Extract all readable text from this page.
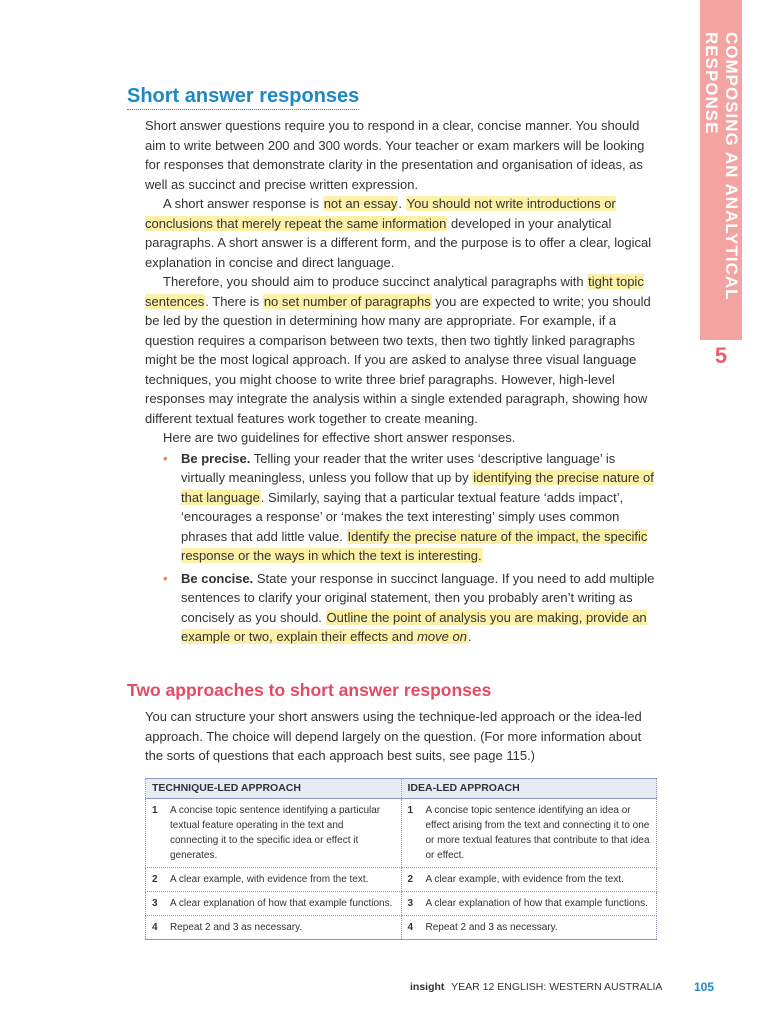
COMPOSING AN ANALYTICAL RESPONSE
5
Short answer responses

Short answer questions require you to respond in a clear, concise manner. You should aim to write between 200 and 300 words. Your teacher or exam markers will be looking for responses that demonstrate clarity in the presentation and organisation of ideas, as well as succinct and precise written expression.

A short answer response is not an essay. You should not write introductions or conclusions that merely repeat the same information developed in your analytical paragraphs. A short answer is a different form, and the purpose is to offer a clear, logical explanation in concise and direct language.

Therefore, you should aim to produce succinct analytical paragraphs with tight topic sentences. There is no set number of paragraphs you are expected to write; you should be led by the question in determining how many are appropriate. For example, if a question requires a comparison between two texts, then two tightly linked paragraphs might be the most logical approach. If you are asked to analyse three visual language techniques, you might choose to write three brief paragraphs. However, high-level responses may integrate the analysis within a single extended paragraph, showing how different textual features work together to create meaning.

Here are two guidelines for effective short answer responses.

• Be precise. Telling your reader that the writer uses ‘descriptive language’ is virtually meaningless, unless you follow that up by identifying the precise nature of that language. Similarly, saying that a particular textual feature ‘adds impact’, ‘encourages a response’ or ‘makes the text interesting’ simply uses common phrases that add little value. Identify the precise nature of the impact, the specific response or the ways in which the text is interesting.
• Be concise. State your response in succinct language. If you need to add multiple sentences to clarify your original statement, then you probably aren’t writing as concisely as you should. Outline the point of analysis you are making, provide an example or two, explain their effects and move on.
Two approaches to short answer responses

You can structure your short answers using the technique-led approach or the idea-led approach. The choice will depend largely on the question. (For more information about the sorts of questions that each approach best suits, see page 115.)

TECHNIQUE-LED APPROACH	IDEA-LED APPROACH

1 A concise topic sentence identifying a particular textual feature operating in the text and connecting it to the specific idea or effect it generates.	1 A concise topic sentence identifying an idea or effect arising from the text and connecting it to one or more textual features that contribute to that idea or effect.

2 A clear example, with evidence from the text.	2 A clear example, with evidence from the text.

3 A clear explanation of how that example functions.	3 A clear explanation of how that example functions.

4 Repeat 2 and 3 as necessary.	4 Repeat 2 and 3 as necessary.
insight YEAR 12 ENGLISH: WESTERN AUSTRALIA	105
